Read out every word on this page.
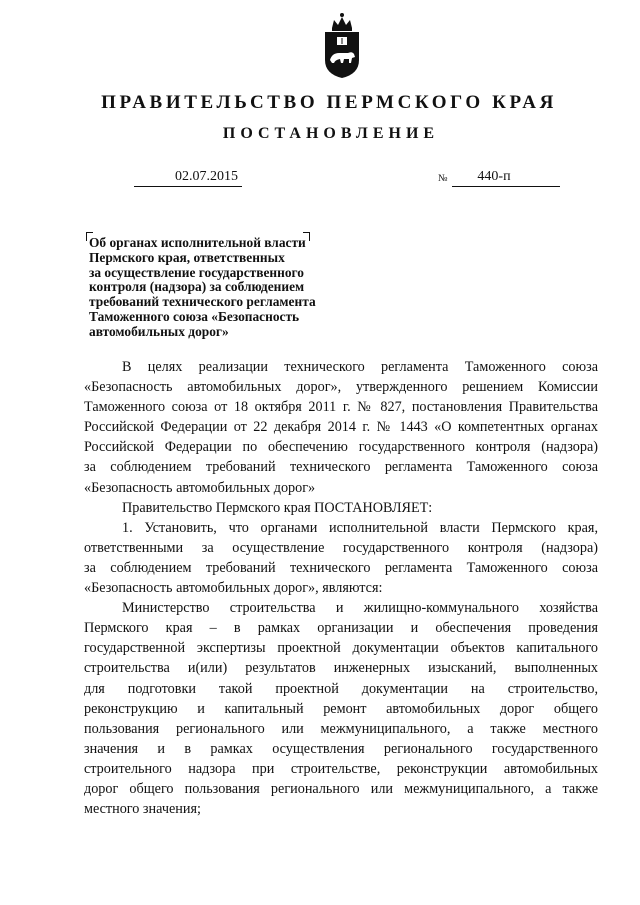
ПРАВИТЕЛЬСТВО ПЕРМСКОГО КРАЯ
ПОСТАНОВЛЕНИЕ
02.07.2015	№	440-п
Об органах исполнительной власти
Пермского края, ответственных
за осуществление государственного
контроля (надзора) за соблюдением
требований технического регламента
Таможенного союза «Безопасность
автомобильных дорог»

В целях реализации технического регламента Таможенного союза
«Безопасность автомобильных дорог», утвержденного решением Комиссии
Таможенного союза от 18 октября 2011 г. № 827, постановления Правительства
Российской Федерации от 22 декабря 2014 г. № 1443 «О компетентных органах
Российской Федерации по обеспечению государственного контроля (надзора)
за соблюдением требований технического регламента Таможенного союза
«Безопасность автомобильных дорог»

Правительство Пермского края ПОСТАНОВЛЯЕТ:

1. Установить, что органами исполнительной власти Пермского края,
ответственными за осуществление государственного контроля (надзора)
за соблюдением требований технического регламента Таможенного союза
«Безопасность автомобильных дорог», являются:

Министерство строительства и жилищно-коммунального хозяйства
Пермского края – в рамках организации и обеспечения проведения
государственной экспертизы проектной документации объектов капитального
строительства и(или) результатов инженерных изысканий, выполненных
для подготовки такой проектной документации на строительство,
реконструкцию и капитальный ремонт автомобильных дорог общего
пользования регионального или межмуниципального, а также местного
значения и в рамках осуществления регионального государственного
строительного надзора при строительстве, реконструкции автомобильных
дорог общего пользования регионального или межмуниципального, а также
местного значения;
